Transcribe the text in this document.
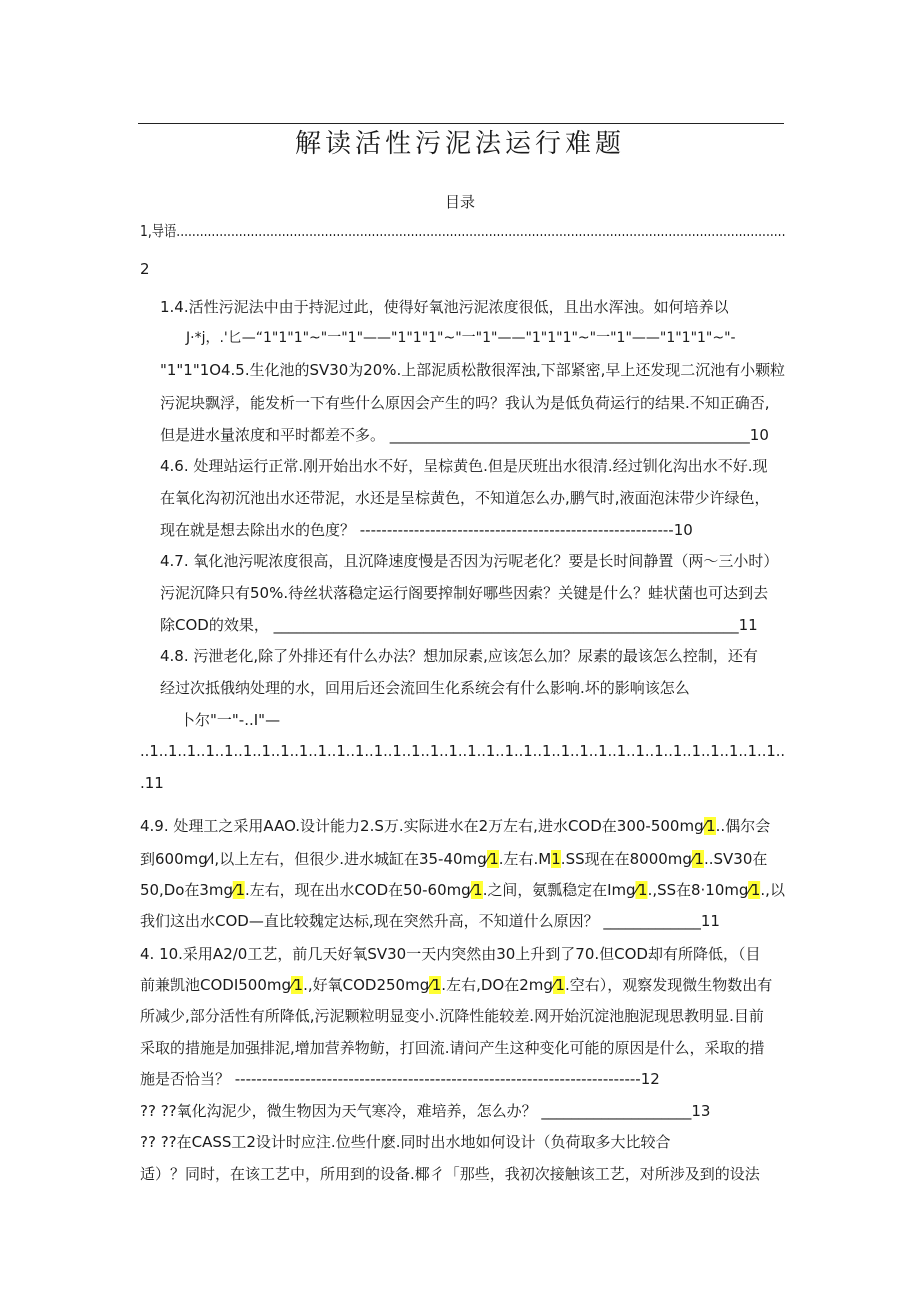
解读活性污泥法运行难题
目录
1,导语............................................................................................................................................................
2
1.4.活性污泥法中由于持泥过此，使得好氧池污泥浓度很低，且出水浑浊。如何培养以
J·*j，.'匕—“1"1"1"~"一"1"——"1"1"1"~"一"1"——"1"1"1"~"一"1"——"1"1"1"~"-
"1"1"1O4.5.生化池的SV30为20%.上部泥质松散很浑浊,下部紧密,早上还发现二沉池有小颗粒
污泥块飘浮，能发析一下有些什么原因会产生的吗？我认为是低负荷运行的结果.不知正确否,
但是进水量浓度和平时都差不多。 ________________________________________________10
4.6. 处理站运行正常.刚开始出水不好，呈棕黄色.但是厌班出水很清.经过钏化沟出水不好.现
在氧化沟初沉池出水还带泥，水还是呈棕黄色，不知道怎么办,鹏气时,液面泡沫带少许绿色，
现在就是想去除出水的色度？ ----------------------------------------------------------10
4.7. 氧化池污呢浓度很高，且沉降速度慢是否因为污呢老化？要是长时间静置（两〜三小时）
污泥沉降只有50%.待丝状落稳定运行阁要搾制好哪些因索？关键是什么？蛙状菌也可达到去
除COD的效果， ______________________________________________________________11
4.8. 污泄老化,除了外排还有什么办法？想加尿素,应该怎么加？尿素的最该怎么控制，还有
经过次抵俄纳处理的水，回用后还会流回生化系统会有什么影响.坏的影响该怎么
卜尔"一"-..I"—
..1..1..1..1..1..1..1..1..1..1..1..1..1..1..1..1..1..1..1..1..1..1..1..1..1..1..1..1..1..1..1..1..1..1..
.11
4.9. 处理工之采用AAO.设计能力2.S万.实际进水在2万左右,进水COD在300-500mg⁄1..偶尔会
到600mg⁄l,以上左右，但很少.进水城缸在35-40mg⁄1.左右.M1.SS现在在8000mg⁄1..SV30在
50,Do在3mg⁄1.左右，现在出水COD在50-60mg⁄1.之间，氨瓢稳定在Img⁄1.,SS在8·10mg⁄1.,以
我们这出水COD—直比较魏定达标,现在突然升高，不知道什么原因？ _____________11
4. 10.采用A2/0工艺，前几天好氧SV30一天内突然由30上升到了70.但COD却有所降低，（目
前兼凯池CODI500mg⁄1.,好氧COD250mg⁄1.左右,DO在2mg⁄1.空右），观察发现微生物数出有
所减少,部分活性有所降低,污泥颗粒明显变小.沉降性能较差.网开始沉淀池胞泥现思教明显.目前
采取的措施是加强排泥,增加营养物鲂，打回流.请问产生这种变化可能的原因是什么，采取的措
施是否恰当？ ---------------------------------------------------------------------------12
?? ??氧化沟泥少，微生物因为天气寒冷，难培养，怎么办？ ____________________13
?? ??在CASS工2设计时应注.位些什麽.同时出水地如何设计（负荷取多大比较合
适）？同时，在该工艺中，所用到的设备.椰彳「那些，我初次接触该工艺，对所涉及到的设法
